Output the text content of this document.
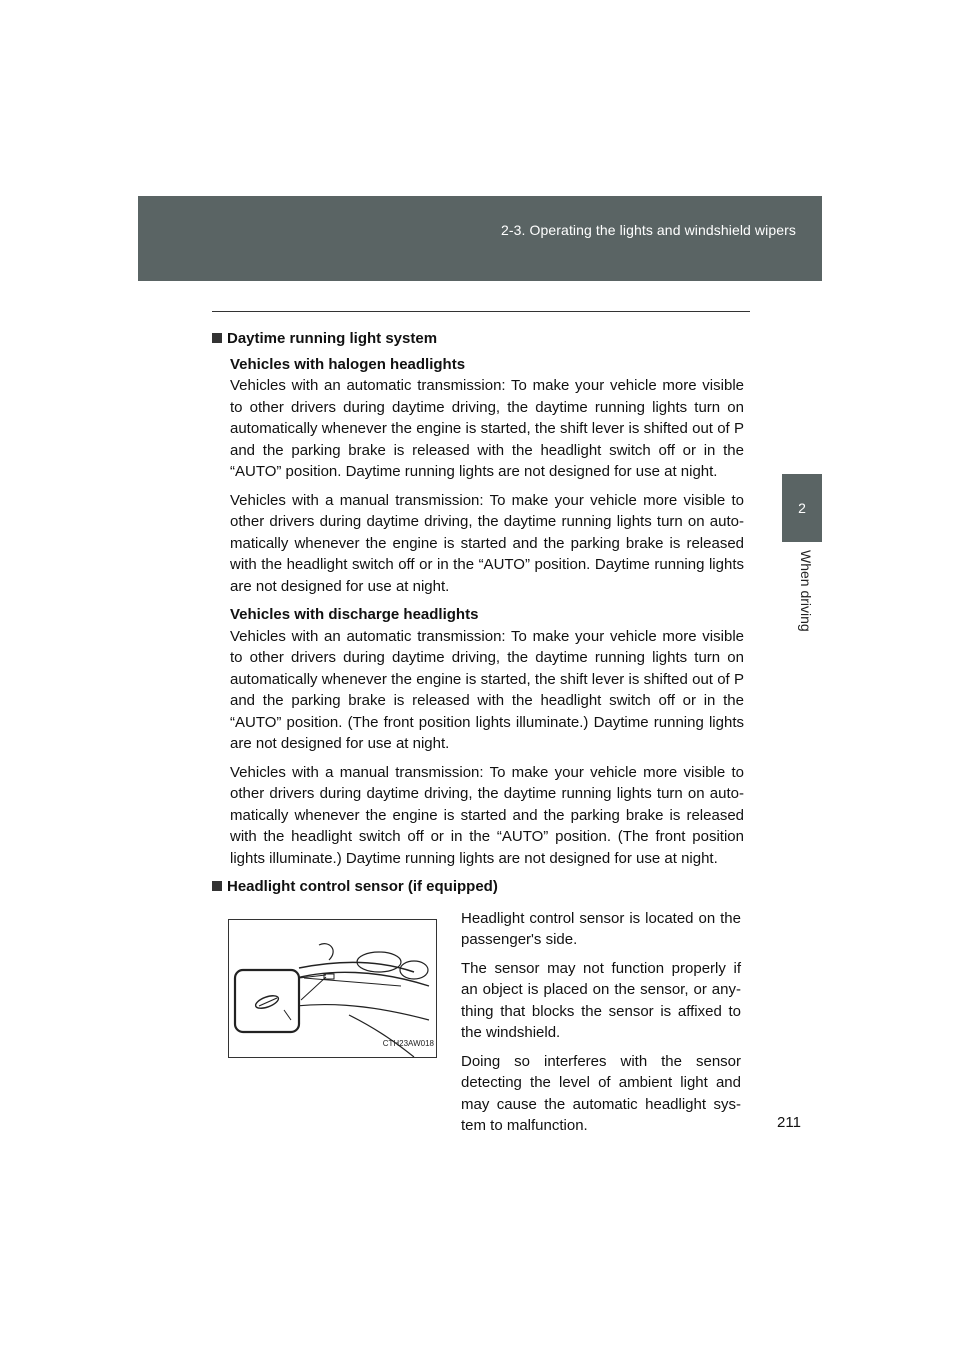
2-3. Operating the lights and windshield wipers
2
When driving
Daytime running light system
Vehicles with halogen headlights

Vehicles with an automatic transmission: To make your vehicle more visible to other drivers during daytime driving, the daytime running lights turn on automatically whenever the engine is started, the shift lever is shifted out of P and the parking brake is released with the headlight switch off or in the “AUTO” position. Daytime running lights are not designed for use at night.

Vehicles with a manual transmission: To make your vehicle more visible to other drivers during daytime driving, the daytime running lights turn on auto-matically whenever the engine is started and the parking brake is released with the headlight switch off or in the “AUTO” position. Daytime running lights are not designed for use at night.

Vehicles with discharge headlights

Vehicles with an automatic transmission: To make your vehicle more visible to other drivers during daytime driving, the daytime running lights turn on automatically whenever the engine is started, the shift lever is shifted out of P and the parking brake is released with the headlight switch off or in the “AUTO” position. (The front position lights illuminate.) Daytime running lights are not designed for use at night.

Vehicles with a manual transmission: To make your vehicle more visible to other drivers during daytime driving, the daytime running lights turn on auto-matically whenever the engine is started and the parking brake is released with the headlight switch off or in the “AUTO” position. (The front position lights illuminate.) Daytime running lights are not designed for use at night.

Headlight control sensor (if equipped)
CTH23AW018

Headlight control sensor is located on the passenger's side.

The sensor may not function properly if an object is placed on the sensor, or any-thing that blocks the sensor is affixed to the windshield.

Doing so interferes with the sensor detecting the level of ambient light and may cause the automatic headlight sys-tem to malfunction.	211
